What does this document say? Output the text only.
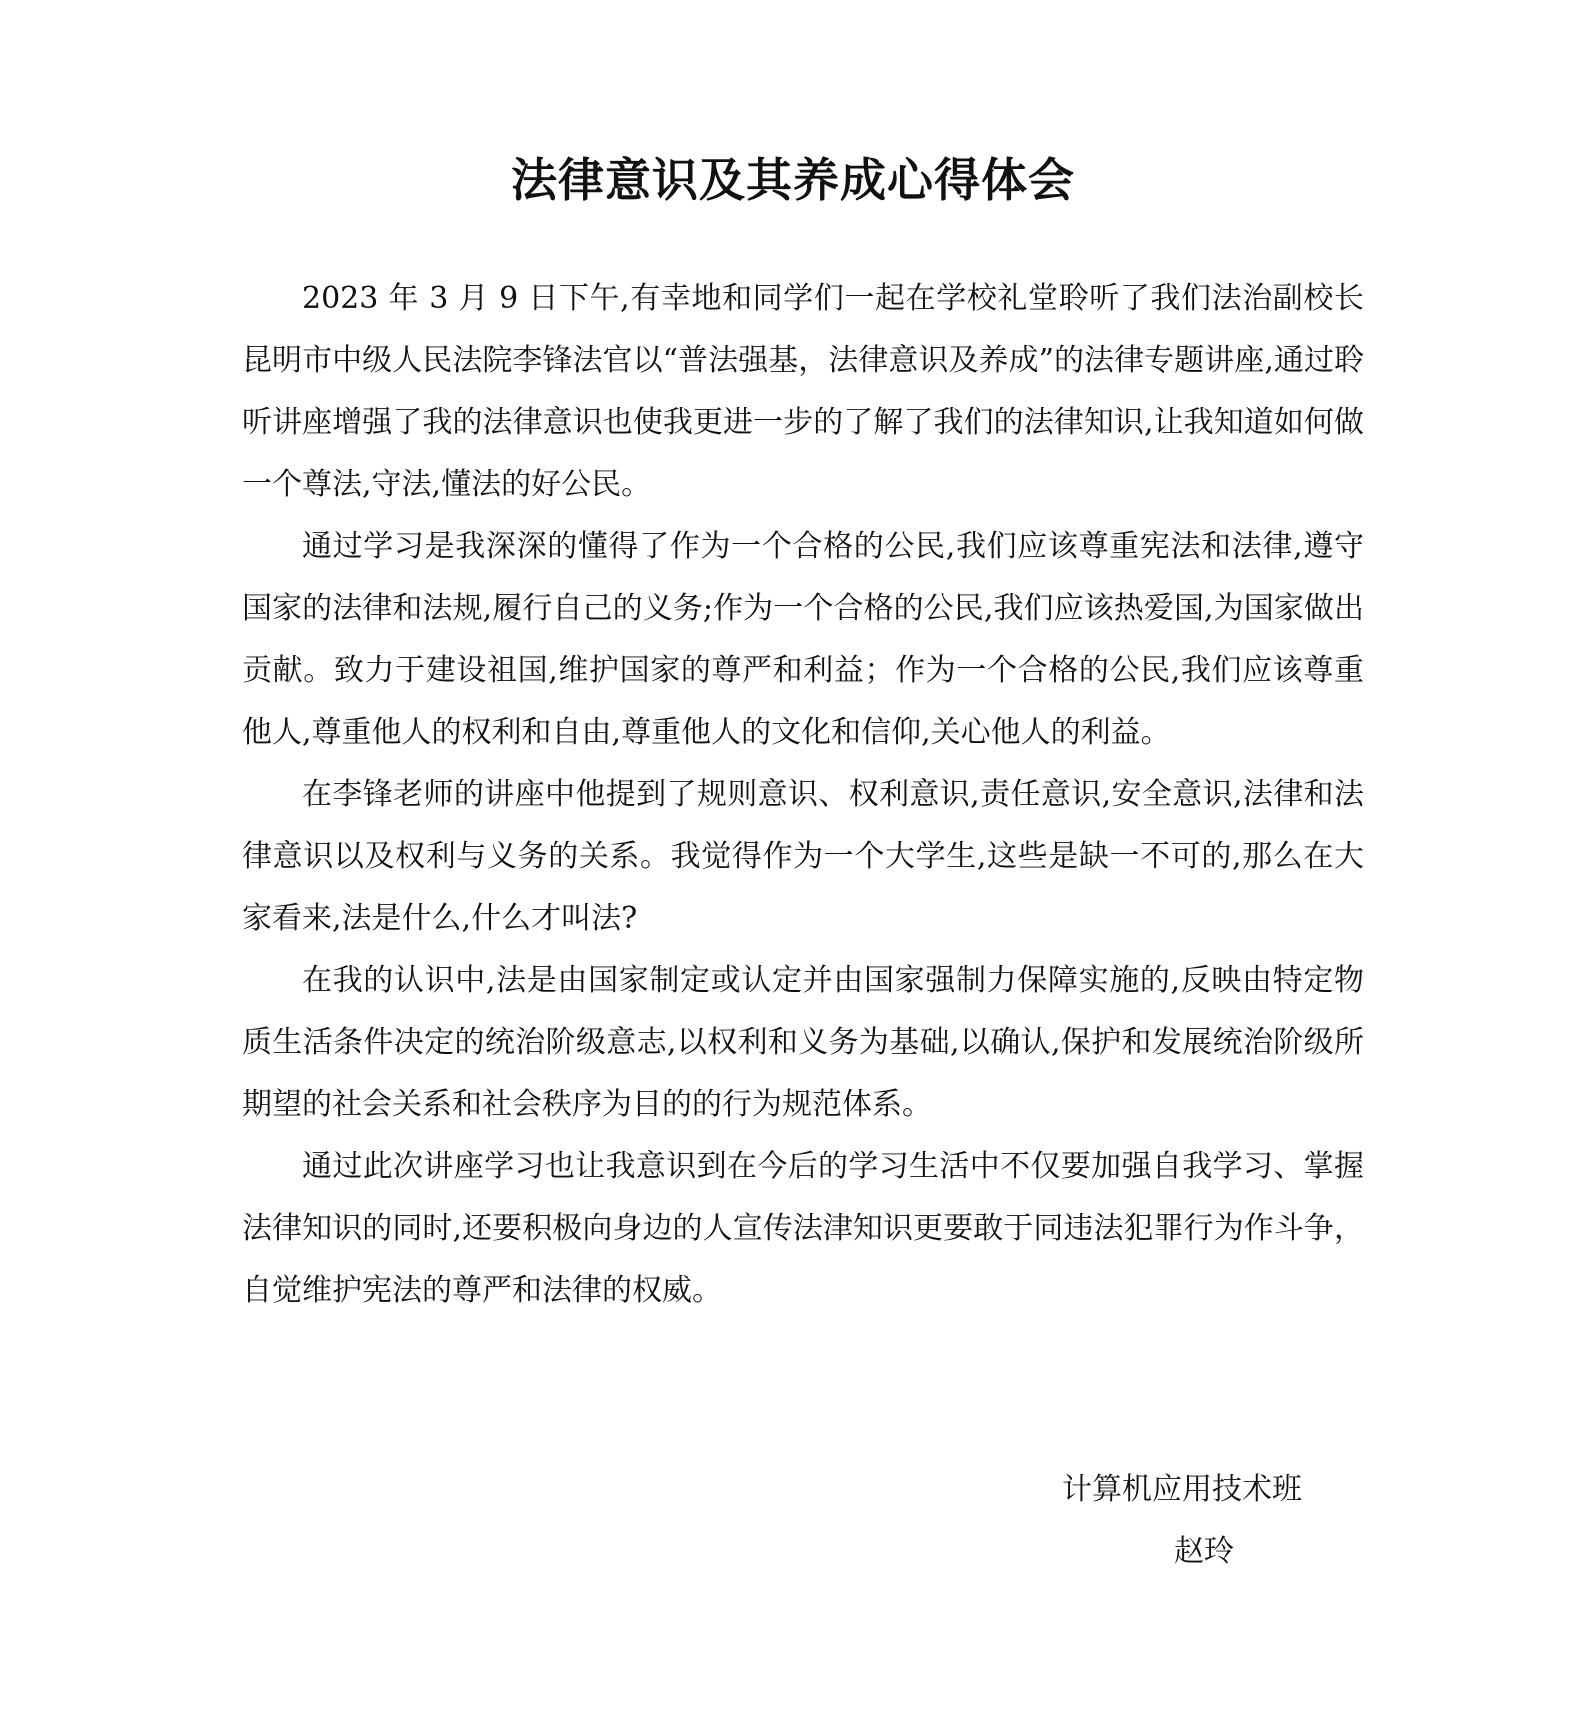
法律意识及其养成心得体会

2023 年 3 月 9 日下午,有幸地和同学们一起在学校礼堂聆听了我们法治副校长昆明市中级人民法院李锋法官以“普法强基，法律意识及养成”的法律专题讲座,通过聆听讲座增强了我的法律意识也使我更进一步的了解了我们的法律知识,让我知道如何做一个尊法,守法,懂法的好公民。

通过学习是我深深的懂得了作为一个合格的公民,我们应该尊重宪法和法律,遵守国家的法律和法规,履行自己的义务;作为一个合格的公民,我们应该热爱国,为国家做出贡献。致力于建设祖国,维护国家的尊严和利益；作为一个合格的公民,我们应该尊重他人,尊重他人的权利和自由,尊重他人的文化和信仰,关心他人的利益。

在李锋老师的讲座中他提到了规则意识、权利意识,责任意识,安全意识,法律和法律意识以及权利与义务的关系。我觉得作为一个大学生,这些是缺一不可的,那么在大家看来,法是什么,什么才叫法?

在我的认识中,法是由国家制定或认定并由国家强制力保障实施的,反映由特定物质生活条件决定的统治阶级意志,以权利和义务为基础,以确认,保护和发展统治阶级所期望的社会关系和社会秩序为目的的行为规范体系。

通过此次讲座学习也让我意识到在今后的学习生活中不仅要加强自我学习、掌握法律知识的同时,还要积极向身边的人宣传法津知识更要敢于同违法犯罪行为作斗争，自觉维护宪法的尊严和法律的权威。

计算机应用技术班
赵玲
